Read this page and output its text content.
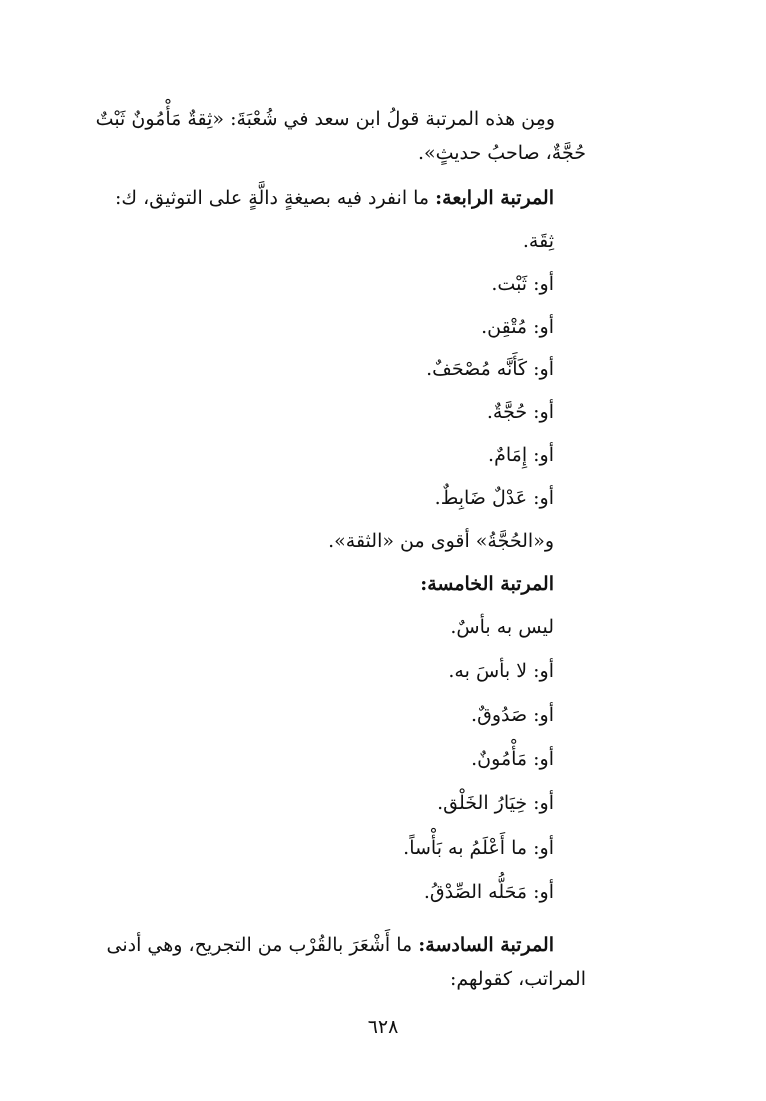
ومِن هذه المرتبة قولُ ابن سعد في شُعْبَةَ: «ثِقةٌ مَأْمُونٌ ثَبْتٌ
حُجَّةٌ، صاحبُ حديثٍ».
المرتبة الرابعة: ما انفرد فيه بصيغةٍ دالَّةٍ على التوثيق، ك:
ثِقَة.
أو: ثَبْت.
أو: مُتْقِن.
أو: كَأَنَّه مُصْحَفٌ.
أو: حُجَّةٌ.
أو: إِمَامٌ.
أو: عَدْلٌ ضَابِطٌ.
و«الحُجَّةُ» أقوى من «الثقة».
المرتبة الخامسة:
ليس به بأسٌ.
أو: لا بأسَ به.
أو: صَدُوقٌ.
أو: مَأْمُونٌ.
أو: خِيَارُ الخَلْق.
أو: ما أَعْلَمُ به بَأْساً.
أو: مَحَلُّه الصِّدْقُ.
المرتبة السادسة: ما أَشْعَرَ بالقُرْب من التجريح، وهي أدنى
المراتب، كقولهم:
٦٢٨
